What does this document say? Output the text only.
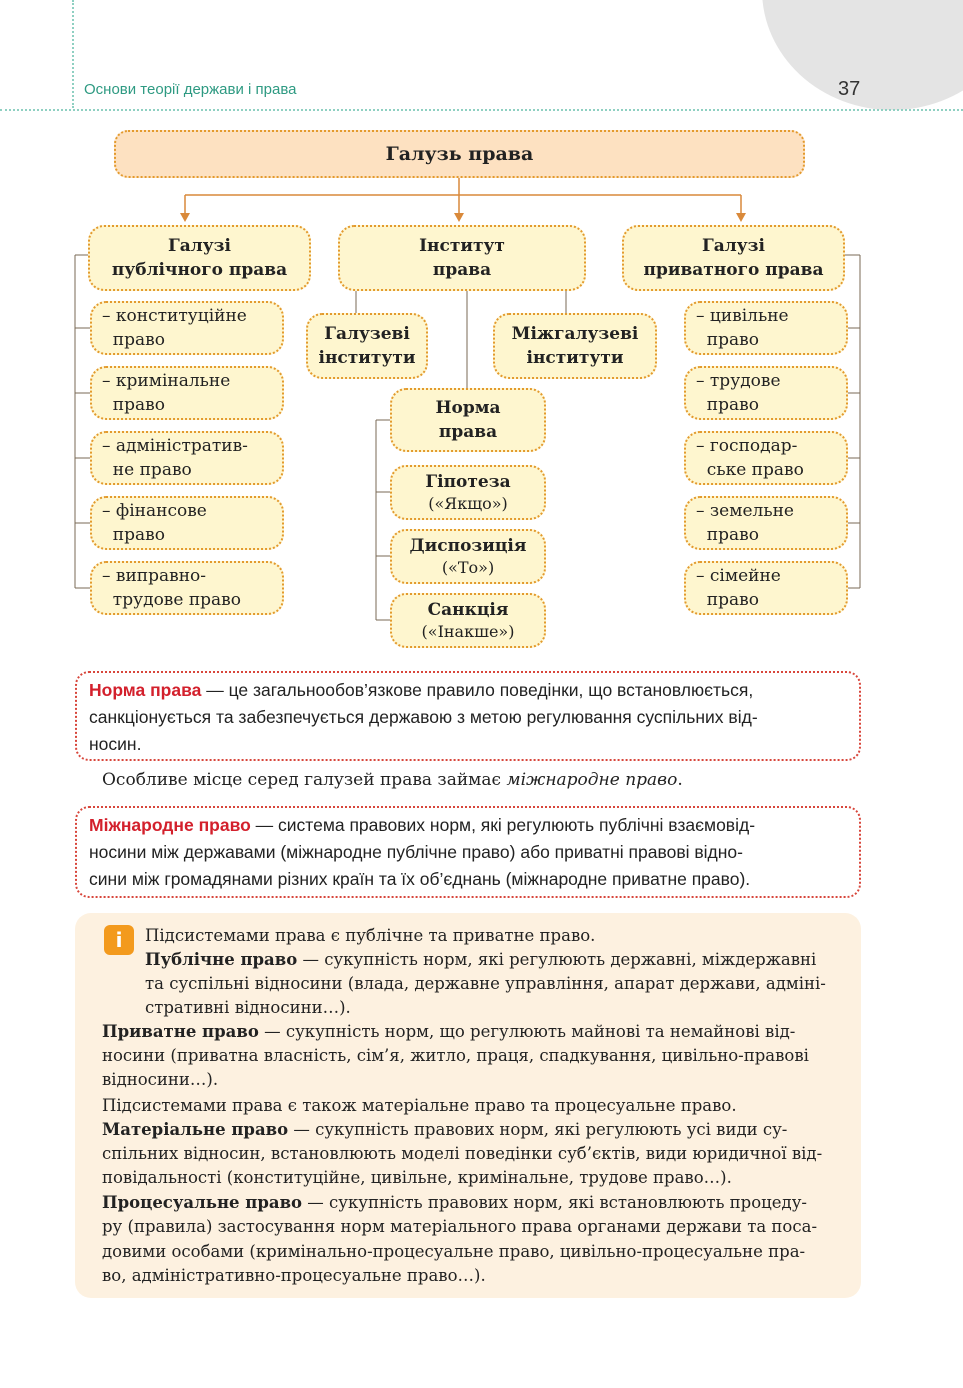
Основи теорії держави і права	37
Галузь права
Галузі
публічного права
– конституційне
право
– кримінальне
право
– адміністратив-
не право
– фінансове
право
– виправно-
трудове право
Інститут
права
Галузеві
інститути
Міжгалузеві
інститути
Норма
права
Гіпотеза
(«Якщо»)
Диспозиція
(«То»)
Санкція
(«Інакше»)
Галузі
приватного права
– цивільне
право
– трудове
право
– господар-
ське право
– земельне
право
– сімейне
право
Норма права — це загальнообов’язкове правило поведінки, що встановлюється,
санкціонується та забезпечується державою з метою регулювання суспільних від-
носин.
Особливе місце серед галузей права займає міжнародне право.
Міжнародне право — система правових норм, які регулюють публічні взаємовід-
носини між державами (міжнародне публічне право) або приватні правові відно-
сини між громадянами різних країн та їх об’єднань (міжнародне приватне право).
i	Підсистемами права є публічне та приватне право.
Публічне право — сукупність норм, які регулюють державні, міждержавні
та суспільні відносини (влада, державне управління, апарат держави, адміні-
стративні відносини…).
Приватне право — сукупність норм, що регулюють майнові та немайнові від-
носини (приватна власність, сім’я, житло, праця, спадкування, цивільно-правові
відносини…).
Підсистемами права є також матеріальне право та процесуальне право.
Матеріальне право — сукупність правових норм, які регулюють усі види су-
спільних відносин, встановлюють моделі поведінки суб’єктів, види юридичної від-
повідальності (конституційне, цивільне, кримінальне, трудове право…).
Процесуальне право — сукупність правових норм, які встановлюють процеду-
ру (правила) застосування норм матеріального права органами держави та поса-
довими особами (кримінально-процесуальне право, цивільно-процесуальне пра-
во, адміністративно-процесуальне право…).
